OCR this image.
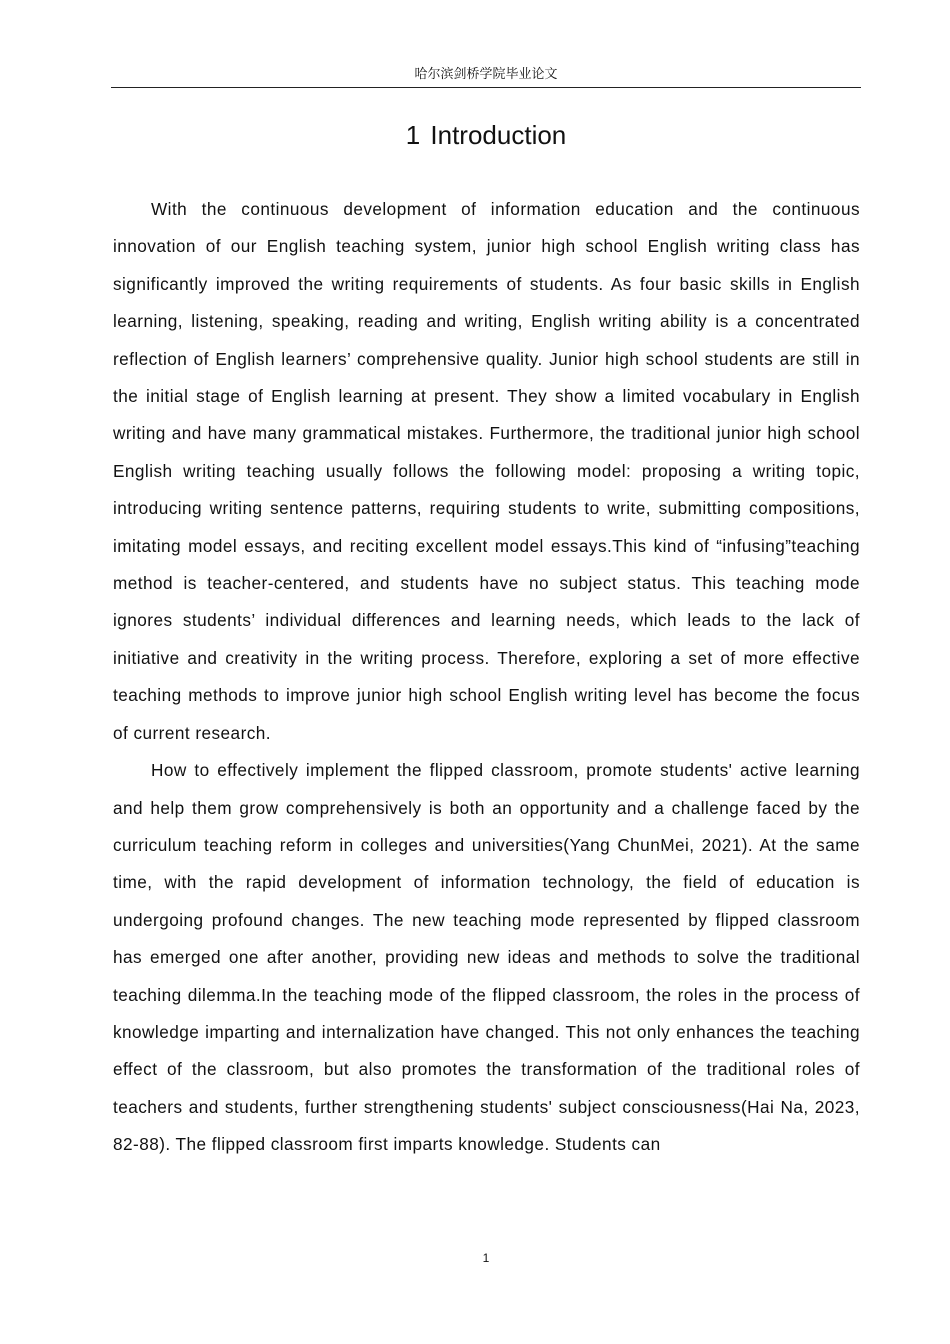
哈尔滨剑桥学院毕业论文
1 Introduction

With the continuous development of information education and the continuous innovation of our English teaching system, junior high school English writing class has significantly improved the writing requirements of students. As four basic skills in English learning, listening, speaking, reading and writing, English writing ability is a concentrated reflection of English learners’ comprehensive quality. Junior high school students are still in the initial stage of English learning at present. They show a limited vocabulary in English writing and have many grammatical mistakes. Furthermore, the traditional junior high school English writing teaching usually follows the following model: proposing a writing topic, introducing writing sentence patterns, requiring students to write, submitting compositions, imitating model essays, and reciting excellent model essays.This kind of “infusing”teaching method is teacher-centered, and students have no subject status. This teaching mode ignores students’ individual differences and learning needs, which leads to the lack of initiative and creativity in the writing process. Therefore, exploring a set of more effective teaching methods to improve junior high school English writing level has become the focus of current research.

How to effectively implement the flipped classroom, promote students' active learning and help them grow comprehensively is both an opportunity and a challenge faced by the curriculum teaching reform in colleges and universities(Yang ChunMei, 2021). At the same time, with the rapid development of information technology, the field of education is undergoing profound changes. The new teaching mode represented by flipped classroom has emerged one after another, providing new ideas and methods to solve the traditional teaching dilemma.In the teaching mode of the flipped classroom, the roles in the process of knowledge imparting and internalization have changed. This not only enhances the teaching effect of the classroom, but also promotes the transformation of the traditional roles of teachers and students, further strengthening students' subject consciousness(Hai Na, 2023, 82-88). The flipped classroom first imparts knowledge. Students can

1
